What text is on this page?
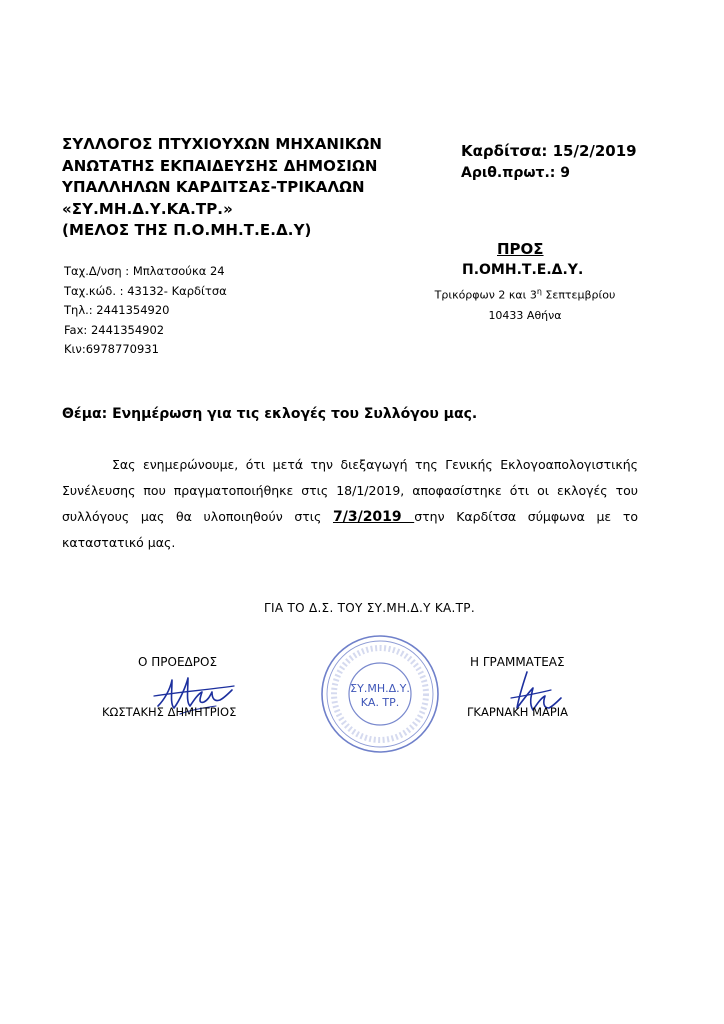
ΣΥΛΛΟΓΟΣ ΠΤΥΧΙΟΥΧΩΝ ΜΗΧΑΝΙΚΩΝ
ΑΝΩΤΑΤΗΣ ΕΚΠΑΙΔΕΥΣΗΣ ΔΗΜΟΣΙΩΝ
ΥΠΑΛΛΗΛΩΝ ΚΑΡΔΙΤΣΑΣ-ΤΡΙΚΑΛΩΝ
«ΣΥ.ΜΗ.Δ.Υ.ΚΑ.ΤΡ.»
(ΜΕΛΟΣ ΤΗΣ Π.Ο.ΜΗ.Τ.Ε.Δ.Υ)
Καρδίτσα: 15/2/2019
Αριθ.πρωτ.: 9
ΠΡΟΣ
Π.ΟΜΗ.Τ.Ε.Δ.Υ.
Τρικόρφων 2 και $3^\eta$ Σεπτεμβρίου
10433 Αθήνα
Ταχ.Δ/νση : Μπλατσούκα 24
Ταχ.κώδ. : 43132- Καρδίτσα
Τηλ.: 2441354920
Fax: 2441354902
Κιν:6978770931
Θέμα: Ενημέρωση για τις εκλογές του Συλλόγου μας.

Σας ενημερώνουμε, ότι μετά την διεξαγωγή της Γενικής Εκλογοαπολογιστικής Συνέλευσης που πραγματοποιήθηκε στις 18/1/2019, αποφασίστηκε ότι οι εκλογές του συλλόγους μας θα υλοποιηθούν στις 7/3/2019 στην Καρδίτσα σύμφωνα με το καταστατικό μας.

ΓΙΑ ΤΟ Δ.Σ. ΤΟΥ ΣΥ.ΜΗ.Δ.Υ ΚΑ.ΤΡ.
Ο ΠΡΟΕΔΡΟΣ
ΚΩΣΤΑΚΗΣ ΔΗΜΗΤΡΙΟΣ
ΣΥ.ΜΗ.Δ.Υ.
ΚΑ. ΤΡ.
Η ΓΡΑΜΜΑΤΕΑΣ
ΓΚΑΡΝΑΚΗ ΜΑΡΙΑ
